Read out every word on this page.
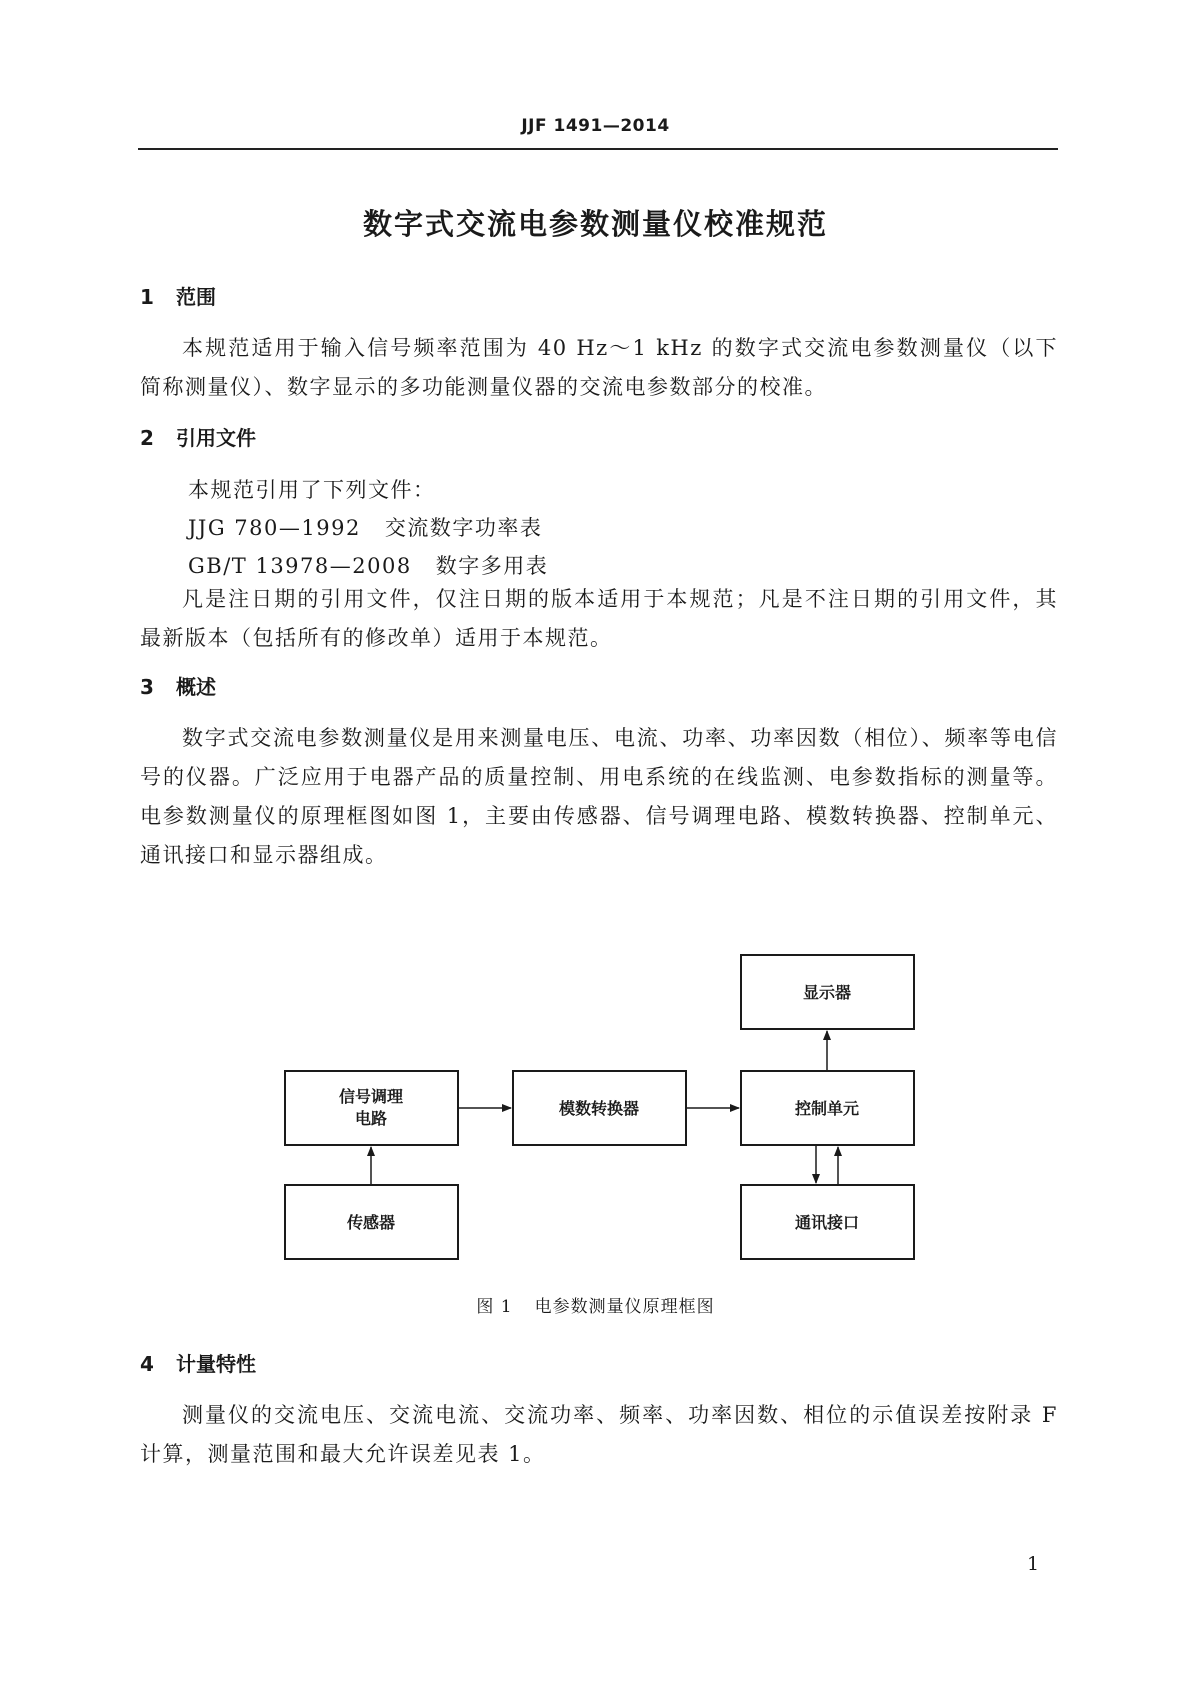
JJF 1491—2014
数字式交流电参数测量仪校准规范
1 范围
本规范适用于输入信号频率范围为 40 Hz～1 kHz 的数字式交流电参数测量仪（以下简称测量仪）、数字显示的多功能测量仪器的交流电参数部分的校准。
2 引用文件
本规范引用了下列文件：
JJG 780—1992 交流数字功率表
GB/T 13978—2008 数字多用表
凡是注日期的引用文件，仅注日期的版本适用于本规范；凡是不注日期的引用文件，其最新版本（包括所有的修改单）适用于本规范。
3 概述
数字式交流电参数测量仪是用来测量电压、电流、功率、功率因数（相位）、频率等电信号的仪器。广泛应用于电器产品的质量控制、用电系统的在线监测、电参数指标的测量等。电参数测量仪的原理框图如图 1，主要由传感器、信号调理电路、模数转换器、控制单元、通讯接口和显示器组成。
显示器
信号调理
电路
模数转换器	控制单元
传感器	通讯接口
图 1 电参数测量仪原理框图
4 计量特性
测量仪的交流电压、交流电流、交流功率、频率、功率因数、相位的示值误差按附录 F 计算，测量范围和最大允许误差见表 1。
1
